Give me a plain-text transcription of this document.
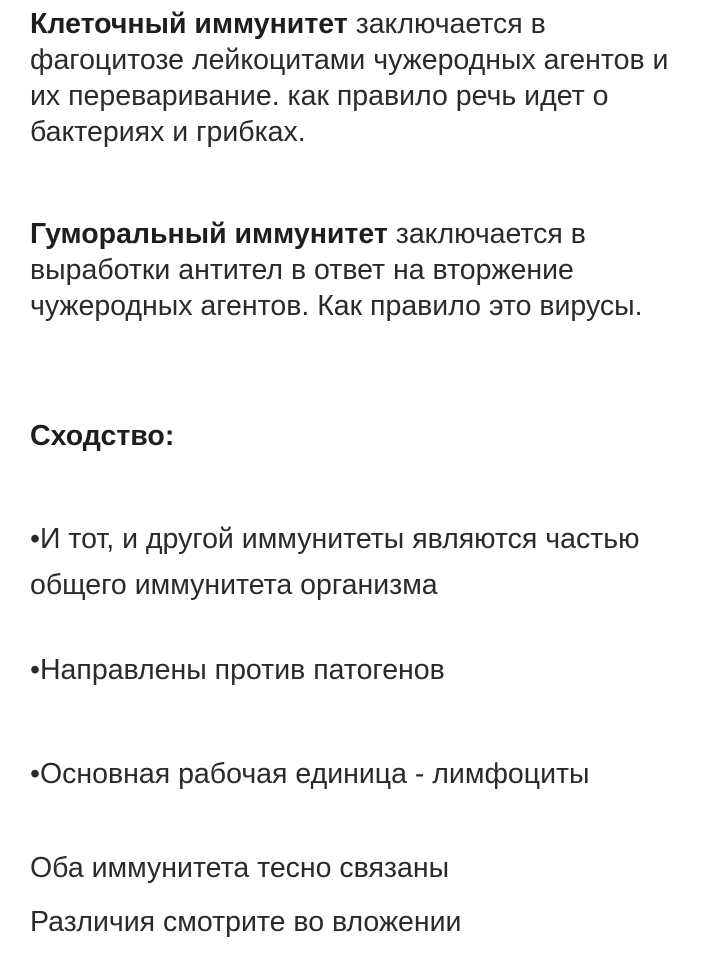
Клеточный иммунитет заключается в фагоцитозе лейкоцитами чужеродных агентов и их переваривание. как правило речь идет о бактериях и грибках.

Гуморальный иммунитет заключается в выработки антител в ответ на вторжение чужеродных агентов. Как правило это вирусы.

Сходство:

•И тот, и другой иммунитеты являются частью общего иммунитета организма

•Направлены против патогенов

•Основная рабочая единица - лимфоциты

Оба иммунитета тесно связаны

Различия смотрите во вложении
